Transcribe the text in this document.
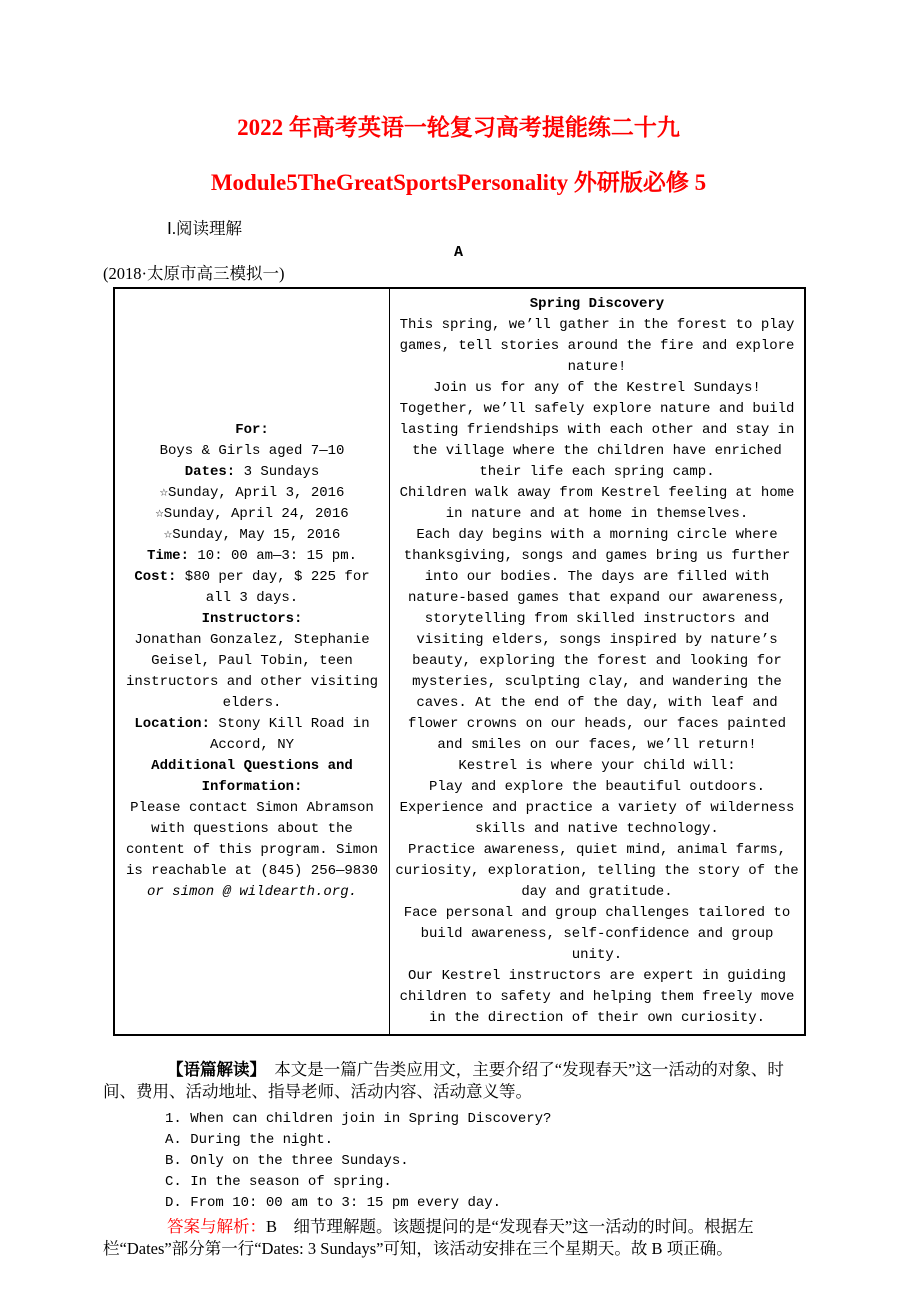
2022 年高考英语一轮复习高考提能练二十九
Module5TheGreatSportsPersonality 外研版必修 5
Ⅰ.阅读理解
A
(2018·太原市高三模拟一)
For:
Boys & Girls aged 7—10
Dates: 3 Sundays
☆Sunday, April 3, 2016
☆Sunday, April 24, 2016
☆Sunday, May 15, 2016
Time: 10: 00 am—3: 15 pm.
Cost: $80 per day, $ 225 for all 3 days.
Instructors:
Jonathan Gonzalez, Stephanie Geisel, Paul Tobin, teen instructors and other visiting elders.
Location: Stony Kill Road in Accord, NY
Additional Questions and Information:
Please contact Simon Abramson with questions about the content of this program. Simon is reachable at (845) 256—9830 or simon @ wildearth.org.
Spring Discovery
This spring, we’ll gather in the forest to play games, tell stories around the fire and explore nature!
Join us for any of the Kestrel Sundays!
Together, we’ll safely explore nature and build lasting friendships with each other and stay in the village where the children have enriched their life each spring camp.
Children walk away from Kestrel feeling at home in nature and at home in themselves.
Each day begins with a morning circle where thanksgiving, songs and games bring us further into our bodies. The days are filled with nature-based games that expand our awareness, storytelling from skilled instructors and visiting elders, songs inspired by nature’s beauty, exploring the forest and looking for mysteries, sculpting clay, and wandering the caves. At the end of the day, with leaf and flower crowns on our heads, our faces painted and smiles on our faces, we’ll return!
Kestrel is where your child will:
Play and explore the beautiful outdoors.
Experience and practice a variety of wilderness skills and native technology.
Practice awareness, quiet mind, animal farms, curiosity, exploration, telling the story of the day and gratitude.
Face personal and group challenges tailored to build awareness, self-confidence and group unity.
Our Kestrel instructors are expert in guiding children to safety and helping them freely move in the direction of their own curiosity.

【语篇解读】　本文是一篇广告类应用文，主要介绍了“发现春天”这一活动的对象、时间、费用、活动地址、指导老师、活动内容、活动意义等。

1. When can children join in Spring Discovery?
A. During the night.
B. Only on the three Sundays.
C. In the season of spring.
D. From 10: 00 am to 3: 15 pm every day.

答案与解析：B　细节理解题。该题提问的是“发现春天”这一活动的时间。根据左栏“Dates”部分第一行“Dates: 3 Sundays”可知，该活动安排在三个星期天。故 B 项正确。
